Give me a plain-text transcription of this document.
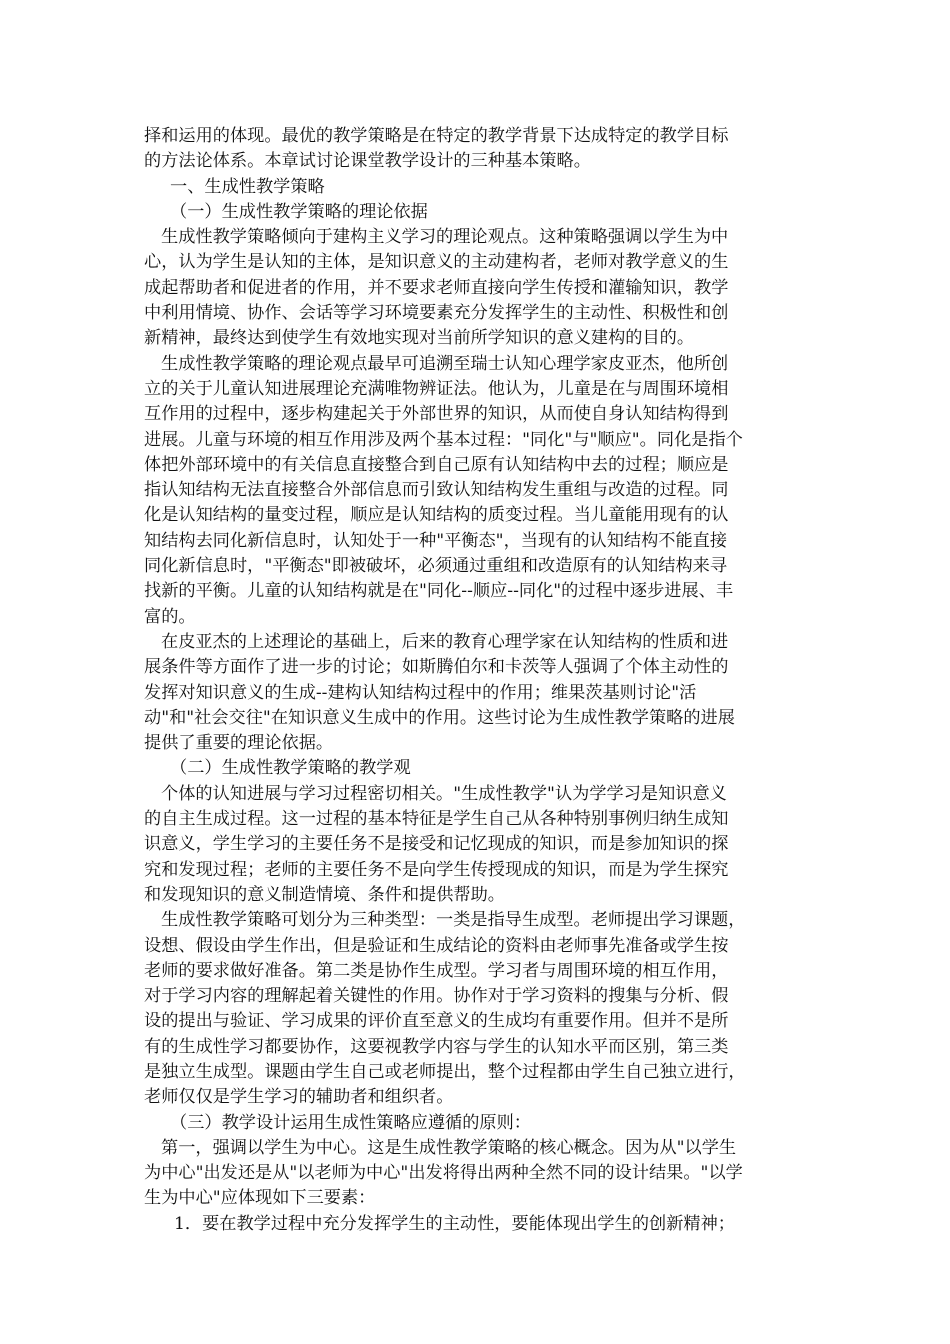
择和运用的体现。最优的教学策略是在特定的教学背景下达成特定的教学目标
的方法论体系。本章试讨论课堂教学设计的三种基本策略。
一、生成性教学策略
（一）生成性教学策略的理论依据
生成性教学策略倾向于建构主义学习的理论观点。这种策略强调以学生为中
心，认为学生是认知的主体，是知识意义的主动建构者，老师对教学意义的生
成起帮助者和促进者的作用，并不要求老师直接向学生传授和灌输知识，教学
中利用情境、协作、会话等学习环境要素充分发挥学生的主动性、积极性和创
新精神，最终达到使学生有效地实现对当前所学知识的意义建构的目的。
生成性教学策略的理论观点最早可追溯至瑞士认知心理学家皮亚杰，他所创
立的关于儿童认知进展理论充满唯物辨证法。他认为，儿童是在与周围环境相
互作用的过程中，逐步构建起关于外部世界的知识，从而使自身认知结构得到
进展。儿童与环境的相互作用涉及两个基本过程："同化"与"顺应"。同化是指个
体把外部环境中的有关信息直接整合到自己原有认知结构中去的过程；顺应是
指认知结构无法直接整合外部信息而引致认知结构发生重组与改造的过程。同
化是认知结构的量变过程，顺应是认知结构的质变过程。当儿童能用现有的认
知结构去同化新信息时，认知处于一种"平衡态"，当现有的认知结构不能直接
同化新信息时，"平衡态"即被破坏，必须通过重组和改造原有的认知结构来寻
找新的平衡。儿童的认知结构就是在"同化--顺应--同化"的过程中逐步进展、丰
富的。
在皮亚杰的上述理论的基础上，后来的教育心理学家在认知结构的性质和进
展条件等方面作了进一步的讨论；如斯腾伯尔和卡茨等人强调了个体主动性的
发挥对知识意义的生成--建构认知结构过程中的作用；维果茨基则讨论"活
动"和"社会交往"在知识意义生成中的作用。这些讨论为生成性教学策略的进展
提供了重要的理论依据。
（二）生成性教学策略的教学观
个体的认知进展与学习过程密切相关。"生成性教学"认为学学习是知识意义
的自主生成过程。这一过程的基本特征是学生自己从各种特别事例归纳生成知
识意义，学生学习的主要任务不是接受和记忆现成的知识，而是参加知识的探
究和发现过程；老师的主要任务不是向学生传授现成的知识，而是为学生探究
和发现知识的意义制造情境、条件和提供帮助。
生成性教学策略可划分为三种类型：一类是指导生成型。老师提出学习课题，
设想、假设由学生作出，但是验证和生成结论的资料由老师事先准备或学生按
老师的要求做好准备。第二类是协作生成型。学习者与周围环境的相互作用，
对于学习内容的理解起着关键性的作用。协作对于学习资料的搜集与分析、假
设的提出与验证、学习成果的评价直至意义的生成均有重要作用。但并不是所
有的生成性学习都要协作，这要视教学内容与学生的认知水平而区别，第三类
是独立生成型。课题由学生自己或老师提出，整个过程都由学生自己独立进行，
老师仅仅是学生学习的辅助者和组织者。
（三）教学设计运用生成性策略应遵循的原则：
第一，强调以学生为中心。这是生成性教学策略的核心概念。因为从"以学生
为中心"出发还是从"以老师为中心"出发将得出两种全然不同的设计结果。"以学
生为中心"应体现如下三要素：
1．要在教学过程中充分发挥学生的主动性，要能体现出学生的创新精神；
